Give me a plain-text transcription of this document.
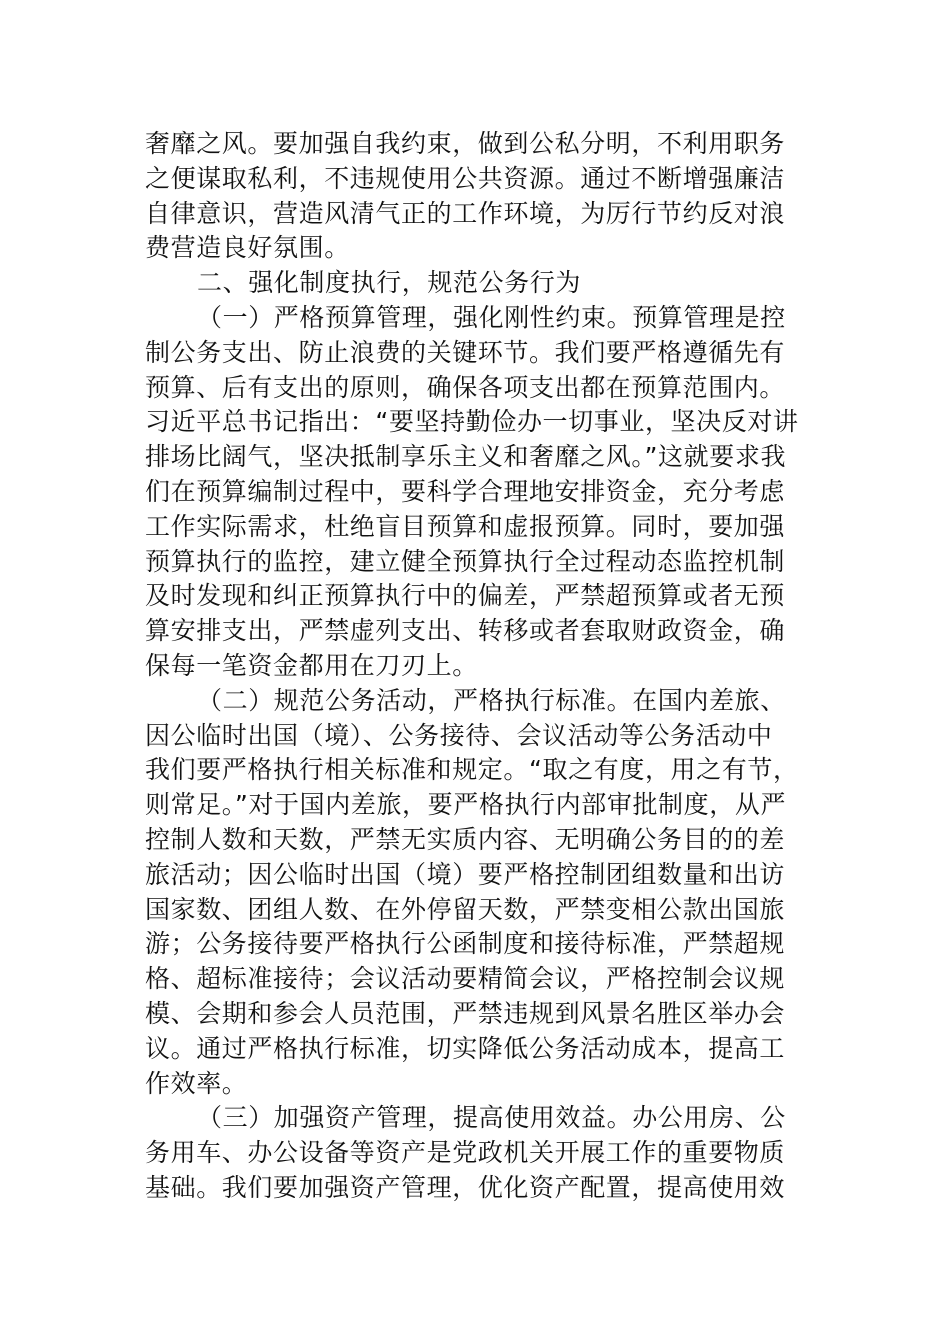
奢靡之风。要加强自我约束，做到公私分明，不利用职务
之便谋取私利，不违规使用公共资源。通过不断增强廉洁
自律意识，营造风清气正的工作环境，为厉行节约反对浪
费营造良好氛围。
二、强化制度执行，规范公务行为
（一）严格预算管理，强化刚性约束。预算管理是控
制公务支出、防止浪费的关键环节。我们要严格遵循先有
预算、后有支出的原则，确保各项支出都在预算范围内。
习近平总书记指出：“要坚持勤俭办一切事业，坚决反对讲
排场比阔气，坚决抵制享乐主义和奢靡之风。”这就要求我
们在预算编制过程中，要科学合理地安排资金，充分考虑
工作实际需求，杜绝盲目预算和虚报预算。同时，要加强
预算执行的监控，建立健全预算执行全过程动态监控机制
及时发现和纠正预算执行中的偏差，严禁超预算或者无预
算安排支出，严禁虚列支出、转移或者套取财政资金，确
保每一笔资金都用在刀刃上。
（二）规范公务活动，严格执行标准。在国内差旅、
因公临时出国（境）、公务接待、会议活动等公务活动中
我们要严格执行相关标准和规定。“取之有度，用之有节，
则常足。”对于国内差旅，要严格执行内部审批制度，从严
控制人数和天数，严禁无实质内容、无明确公务目的的差
旅活动；因公临时出国（境）要严格控制团组数量和出访
国家数、团组人数、在外停留天数，严禁变相公款出国旅
游；公务接待要严格执行公函制度和接待标准，严禁超规
格、超标准接待；会议活动要精简会议，严格控制会议规
模、会期和参会人员范围，严禁违规到风景名胜区举办会
议。通过严格执行标准，切实降低公务活动成本，提高工
作效率。
（三）加强资产管理，提高使用效益。办公用房、公
务用车、办公设备等资产是党政机关开展工作的重要物质
基础。我们要加强资产管理，优化资产配置，提高使用效
